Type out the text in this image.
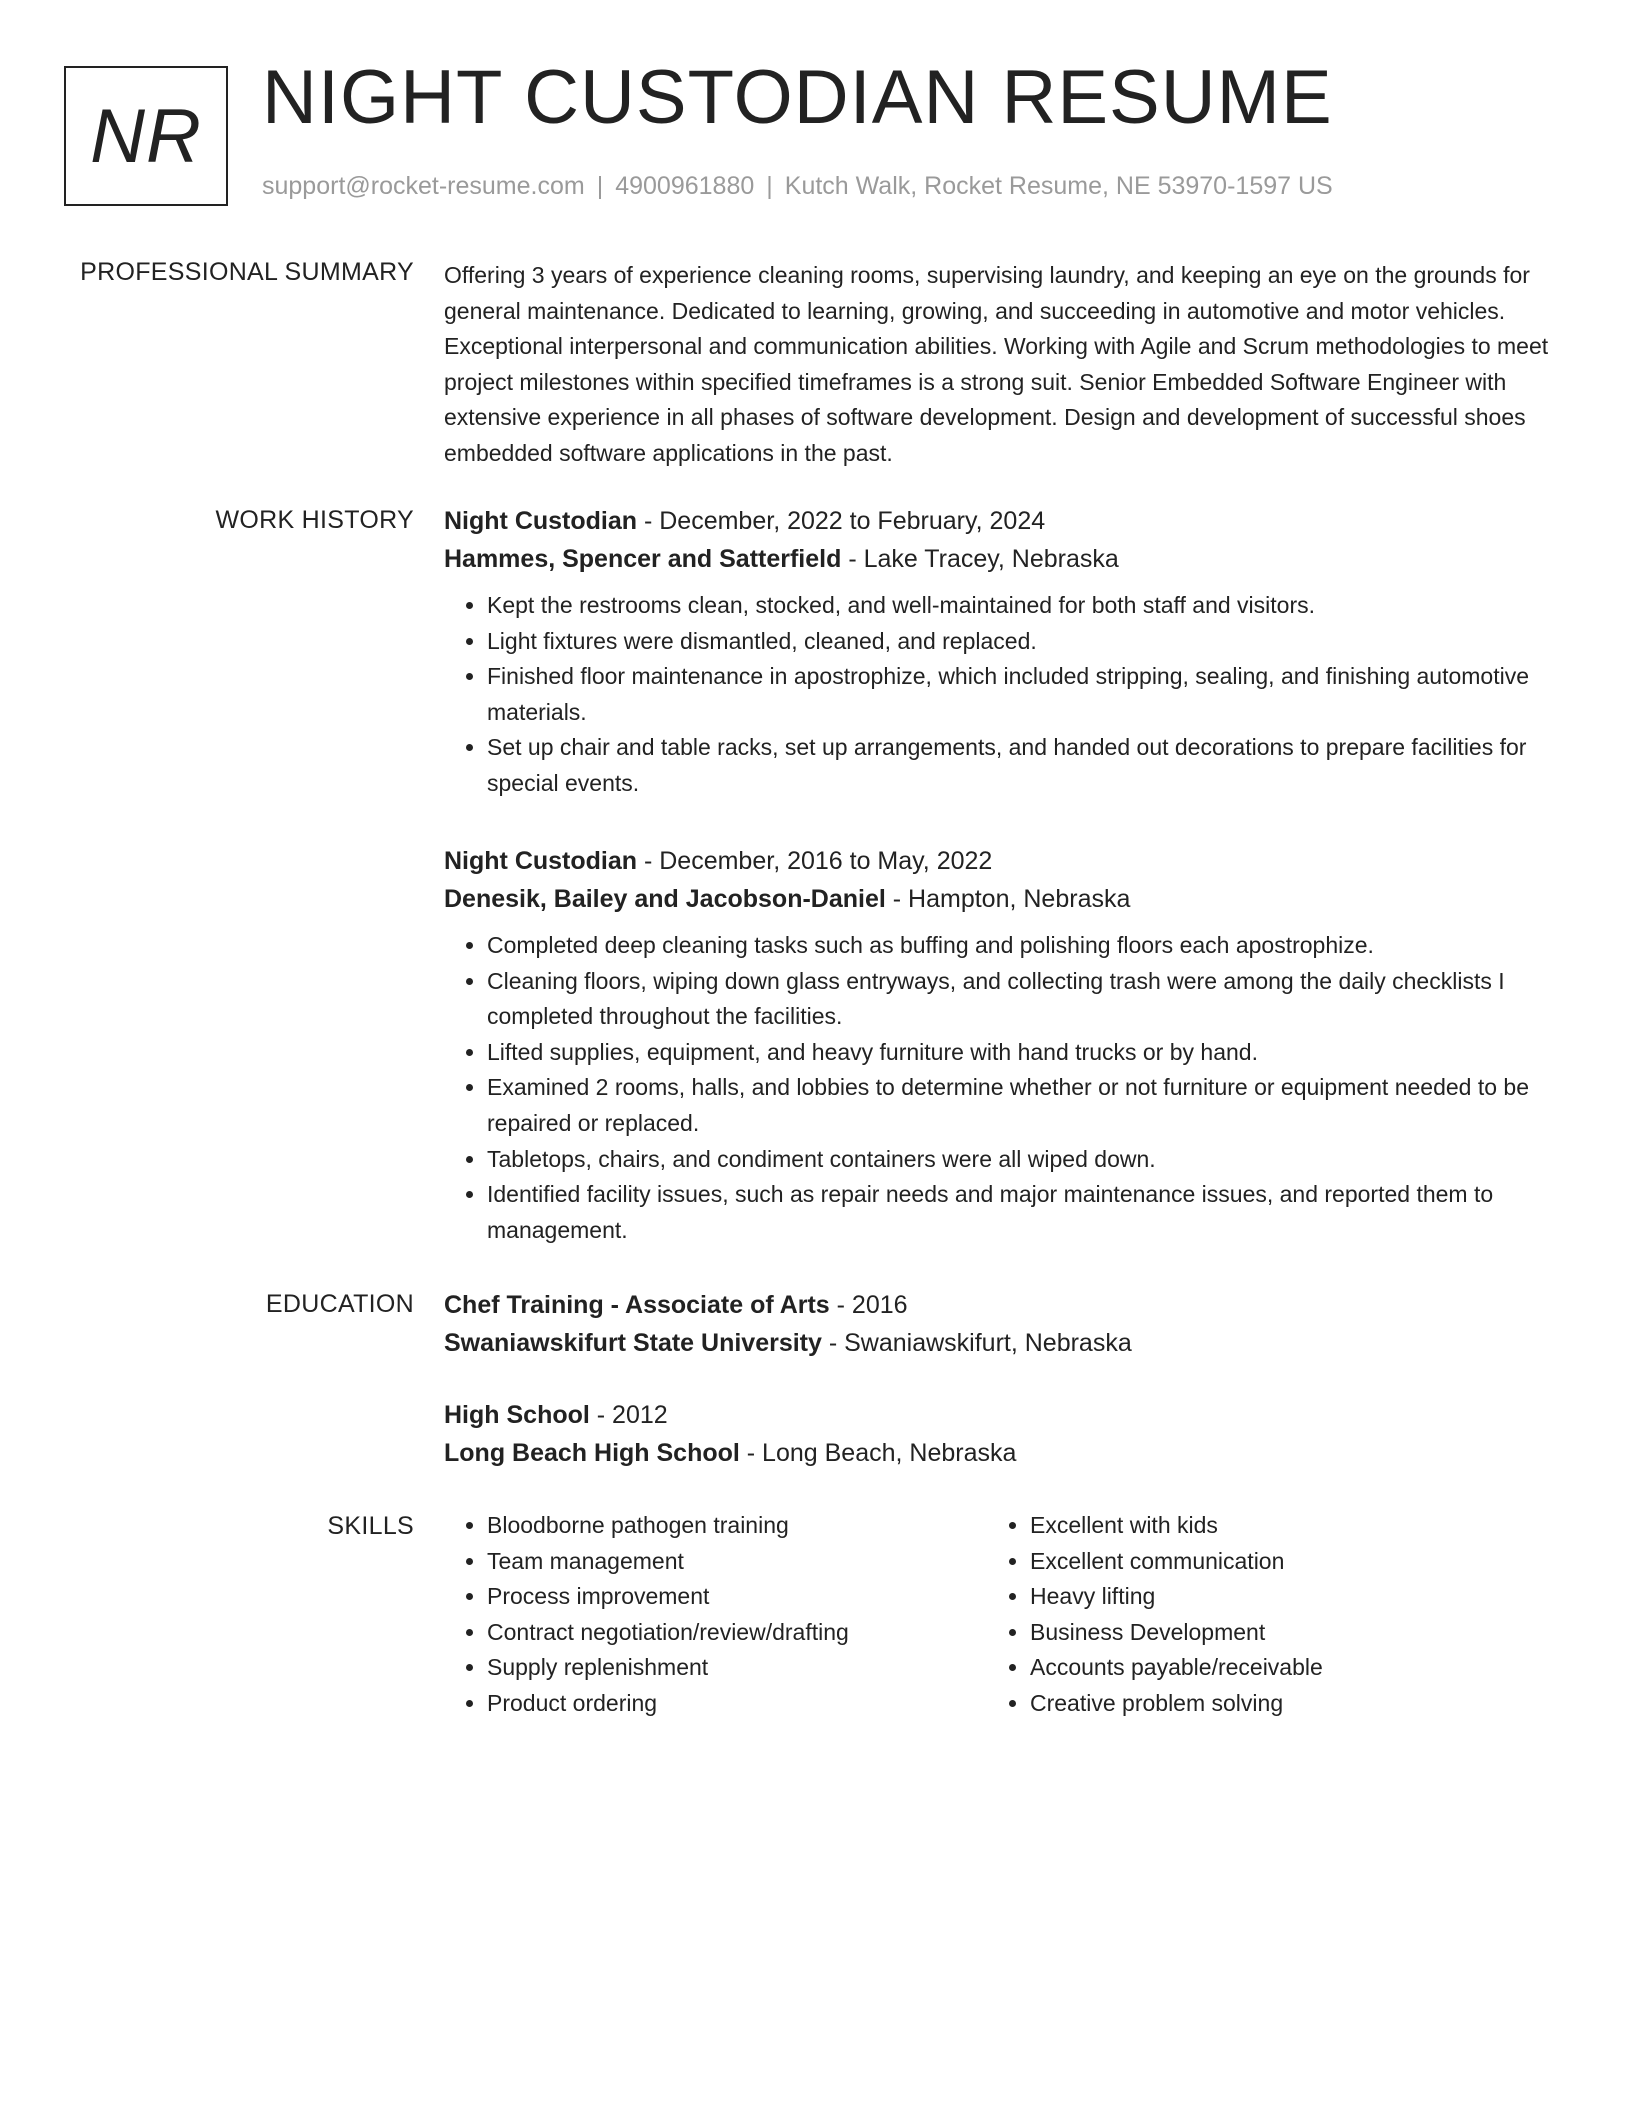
NR NIGHT CUSTODIAN RESUME
support@rocket-resume.com | 4900961880 | Kutch Walk, Rocket Resume, NE 53970-1597 US
PROFESSIONAL SUMMARY Offering 3 years of experience cleaning rooms, supervising laundry, and keeping an eye on the grounds for general maintenance. Dedicated to learning, growing, and succeeding in automotive and motor vehicles. Exceptional interpersonal and communication abilities. Working with Agile and Scrum methodologies to meet project milestones within specified timeframes is a strong suit. Senior Embedded Software Engineer with extensive experience in all phases of software development. Design and development of successful shoes embedded software applications in the past.

WORK HISTORY Night Custodian - December, 2022 to February, 2024
Hammes, Spencer and Satterfield - Lake Tracey, Nebraska
• Kept the restrooms clean, stocked, and well-maintained for both staff and visitors.
• Light fixtures were dismantled, cleaned, and replaced.
• Finished floor maintenance in apostrophize, which included stripping, sealing, and finishing automotive materials.
• Set up chair and table racks, set up arrangements, and handed out decorations to prepare facilities for special events.
Night Custodian - December, 2016 to May, 2022
Denesik, Bailey and Jacobson-Daniel - Hampton, Nebraska
• Completed deep cleaning tasks such as buffing and polishing floors each apostrophize.
• Cleaning floors, wiping down glass entryways, and collecting trash were among the daily checklists I completed throughout the facilities.
• Lifted supplies, equipment, and heavy furniture with hand trucks or by hand.
• Examined 2 rooms, halls, and lobbies to determine whether or not furniture or equipment needed to be repaired or replaced.
• Tabletops, chairs, and condiment containers were all wiped down.
• Identified facility issues, such as repair needs and major maintenance issues, and reported them to management.
EDUCATION Chef Training - Associate of Arts - 2016
Swaniawskifurt State University - Swaniawskifurt, Nebraska
High School - 2012
Long Beach High School - Long Beach, Nebraska
SKILLS
•	Bloodborne pathogen training
• Team management
• Process improvement
• Contract negotiation/review/drafting
• Supply replenishment
• Product ordering
• Excellent with kids
• Excellent communication
• Heavy lifting
• Business Development
• Accounts payable/receivable
• Creative problem solving
